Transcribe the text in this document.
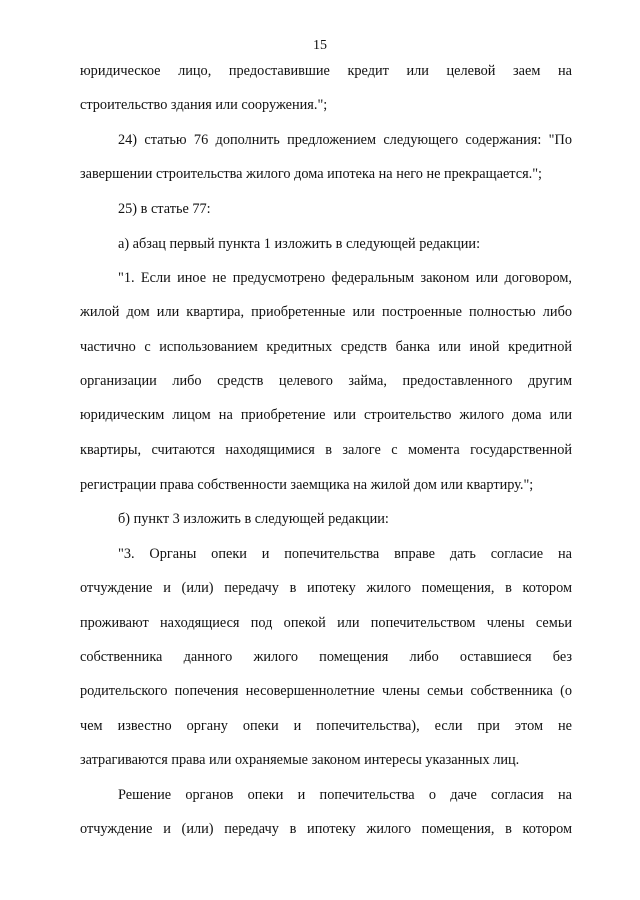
15
юридическое лицо, предоставившие кредит или целевой заем на
строительство здания или сооружения.";
24) статью 76 дополнить предложением следующего содержания: "По
завершении строительства жилого дома ипотека на него не прекращается.";
25) в статье 77:
а) абзац первый пункта 1 изложить в следующей редакции:
"1. Если иное не предусмотрено федеральным законом или договором,
жилой дом или квартира, приобретенные или построенные полностью либо
частично с использованием кредитных средств банка или иной кредитной
организации либо средств целевого займа, предоставленного другим
юридическим лицом на приобретение или строительство жилого дома или
квартиры, считаются находящимися в залоге с момента государственной
регистрации права собственности заемщика на жилой дом или квартиру.";
б) пункт 3 изложить в следующей редакции:
"3. Органы опеки и попечительства вправе дать согласие на
отчуждение и (или) передачу в ипотеку жилого помещения, в котором
проживают находящиеся под опекой или попечительством члены семьи
собственника данного жилого помещения либо оставшиеся без
родительского попечения несовершеннолетние члены семьи собственника (о
чем известно органу опеки и попечительства), если при этом не
затрагиваются права или охраняемые законом интересы указанных лиц.
Решение органов опеки и попечительства о даче согласия на
отчуждение и (или) передачу в ипотеку жилого помещения, в котором
